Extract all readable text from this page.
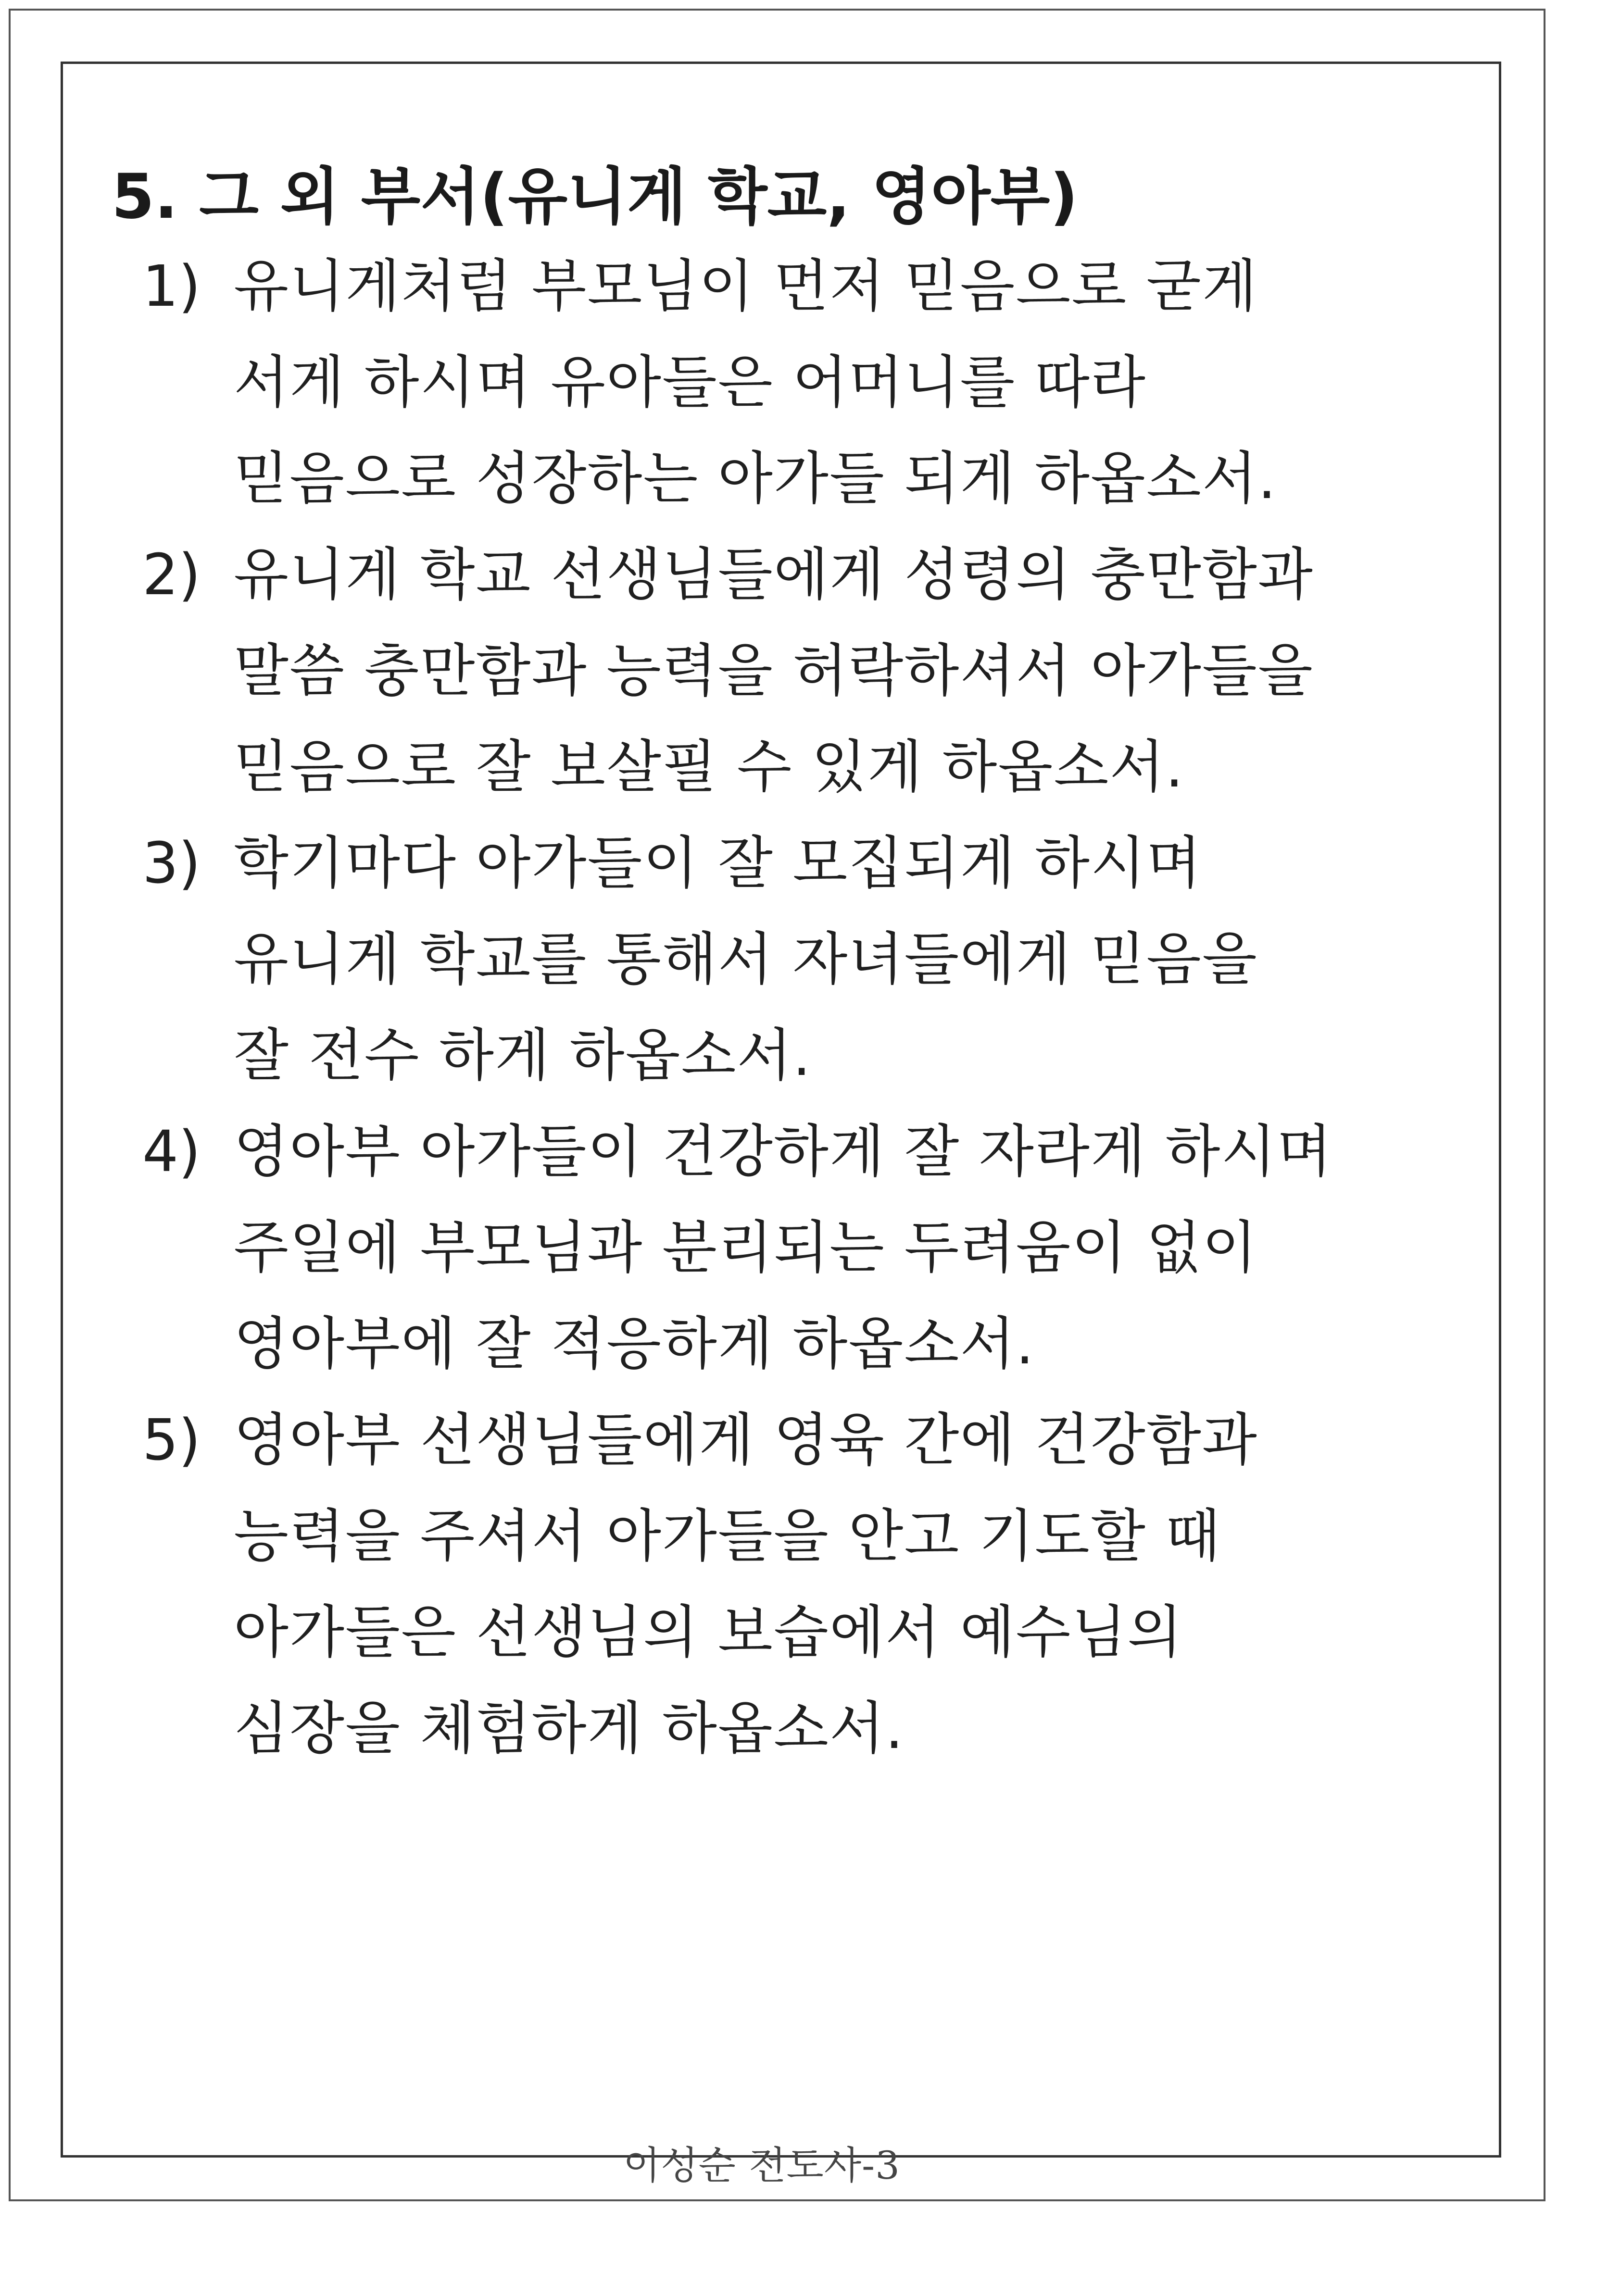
5. 그 외 부서(유니게 학교, 영아부)
1) 유니게처럼 부모님이 먼저 믿음으로 굳게
서게 하시며 유아들은 어머니를 따라
믿음으로 성장하는 아가들 되게 하옵소서.
2) 유니게 학교 선생님들에게 성령의 충만함과
말씀 충만함과 능력을 허락하셔서 아가들을
믿음으로 잘 보살필 수 있게 하옵소서.
3) 학기마다 아가들이 잘 모집되게 하시며
유니게 학교를 통해서 자녀들에게 믿음을
잘 전수 하게 하옵소서.
4) 영아부 아가들이 건강하게 잘 자라게 하시며
주일에 부모님과 분리되는 두려움이 없이
영아부에 잘 적응하게 하옵소서.
5) 영아부 선생님들에게 영육 간에 건강함과
능력을 주셔서 아가들을 안고 기도할 때
아가들은 선생님의 보습에서 예수님의
심장을 체험하게 하옵소서.
이성순 전도사-3
